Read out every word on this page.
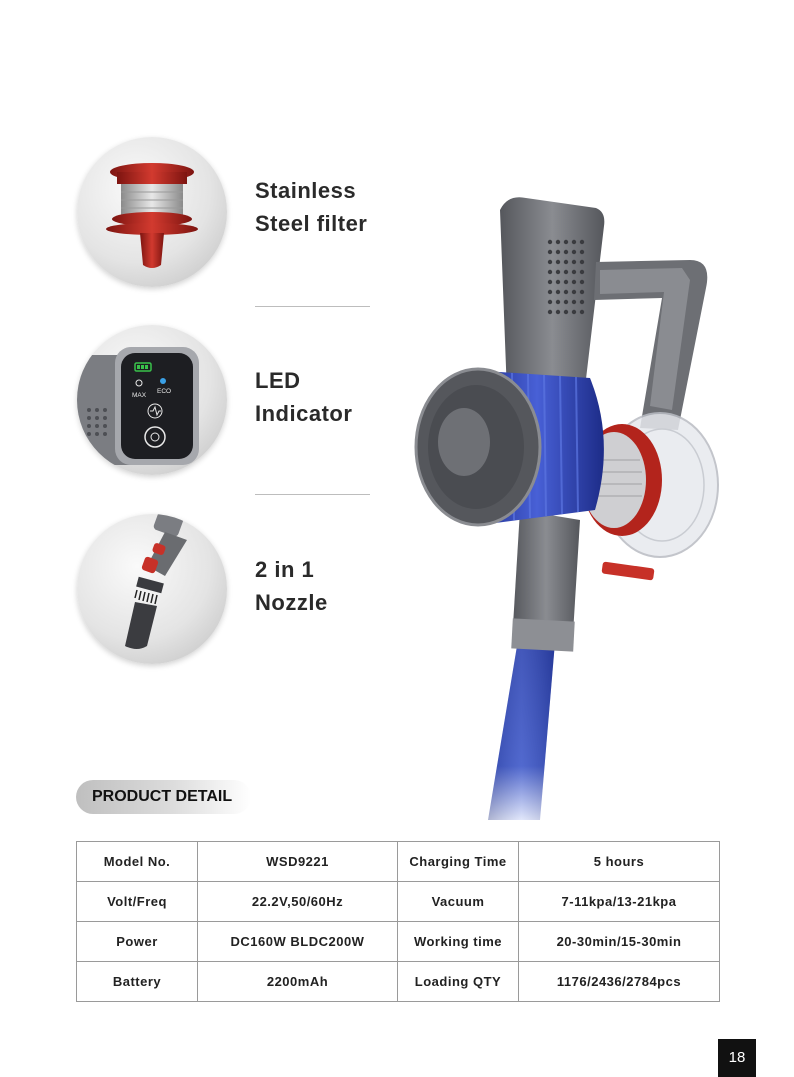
Stainless
Steel filter
MAX
ECO	LED
Indicator
2 in 1
Nozzle
PRODUCT DETAIL
Model No.	WSD9221	Charging Time	5 hours
Volt/Freq	22.2V,50/60Hz	Vacuum	7-11kpa/13-21kpa
Power	DC160W BLDC200W	Working time	20-30min/15-30min
Battery	2200mAh	Loading QTY	1176/2436/2784pcs
18
